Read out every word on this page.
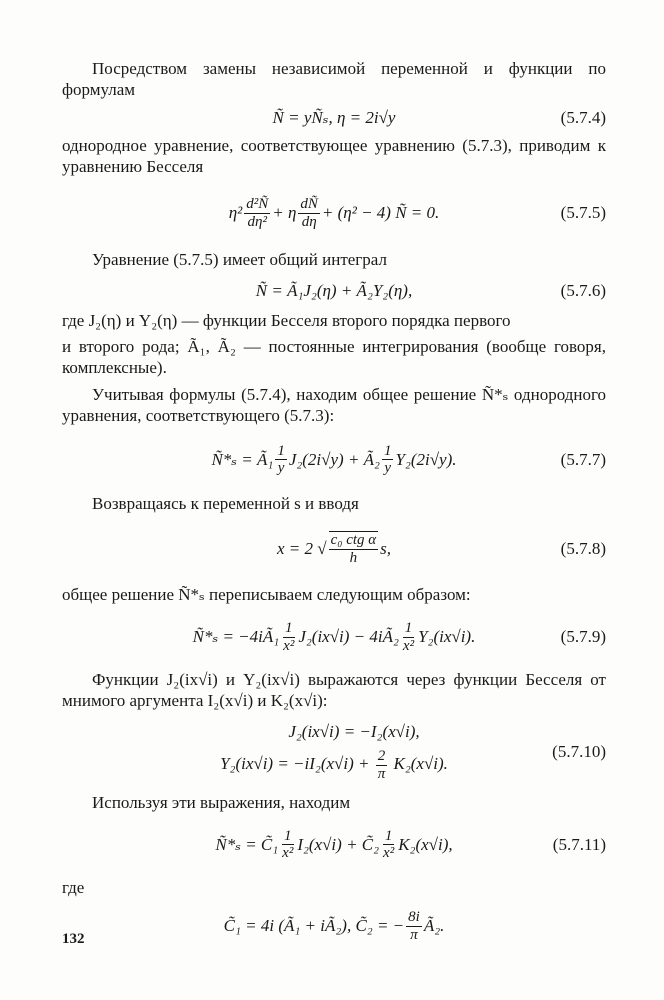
Посредством замены независимой переменной и функции по формулам

Ñ = yÑₛ, η = 2i√y	(5.7.4)

однородное уравнение, соответствующее уравнению (5.7.3), приводим к уравнению Бесселя

$\eta^2 \frac{\text{d²Ñ}}{\text{dη²}} + \eta \frac{dÑ}{d\eta} + (\eta^2 - 4)$ Ñ = 0.	(5.7.5)

Уравнение (5.7.5) имеет общий интеграл

Ñ = Ã₁J₂(η) + Ã₂Y₂(η),	(5.7.6)

где J₂(η) и Y₂(η) — функции Бесселя второго порядка первого

и второго рода; Ã₁, Ã₂ — постоянные интегрирования (вообще говоря, комплексные).

Учитывая формулы (5.7.4), находим общее решение Ñ*ₛ однородного уравнения, соответствующего (5.7.3):

Ñ*ₛ = Ã₁ $\frac{1}{y} J_2(2i√y)$ + Ã₂ $\frac{1}{y} Y_2(2i√y)$.	(5.7.7)

Возвращаясь к переменной s и вводя

x = 2 √ $\frac{\text{c₀ ctg α}}{h} s$,	(5.7.8)

общее решение Ñ*ₛ переписываем следующим образом:

Ñ*ₛ = −4iÃ₁ $\frac{1}{\text{x²}} J_2(ix√i)$ − 4iÃ₂ $\frac{1}{\text{x²}} Y_2(ix√i)$.	(5.7.9)

Функции J₂(ix√i) и Y₂(ix√i) выражаются через функции Бесселя от мнимого аргумента I₂(x√i) и K₂(x√i):

J₂(ix√i) = −I₂(x√i),
$Y_2(ix√i) = -iI_2(x√i) + \frac{2}{\pi} K_2(x√i)$.
(5.7.10)

Используя эти выражения, находим

Ñ*ₛ = C̃₁ $\frac{1}{\text{x²}} I_2(x√i)$ + C̃₂ $\frac{1}{\text{x²}} K_2(x√i)$,	(5.7.11)

где

C̃₁ = 4i (Ã₁ + iÃ₂), C̃₂ = − $\frac{8i}{\pi}$ Ã₂.
132
